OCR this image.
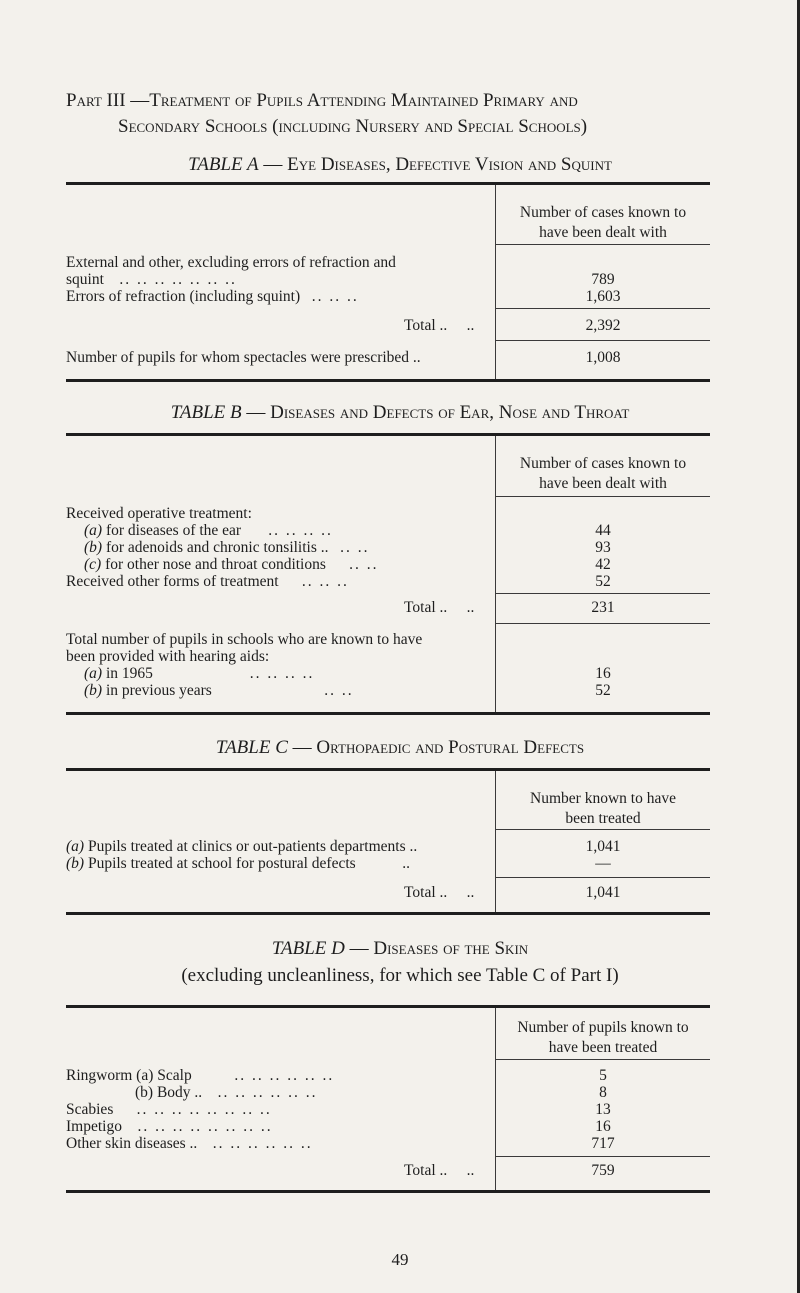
Part III —Treatment of Pupils Attending Maintained Primary and
Secondary Schools (including Nursery and Special Schools)
TABLE A — Eye Diseases, Defective Vision and Squint
Number of cases known to
have been dealt with
External and other, excluding errors of refraction and
squint .. .. .. .. .. .. ..	789
Errors of refraction (including squint) .. .. ..	1,603
Total .. ..	2,392
Number of pupils for whom spectacles were prescribed ..	1,008
TABLE B — Diseases and Defects of Ear, Nose and Throat
Number of cases known to
have been dealt with
Received operative treatment:
(a) for diseases of the ear .. .. .. ..	44
(b) for adenoids and chronic tonsilitis .. .. ..	93
(c) for other nose and throat conditions .. ..	42
Received other forms of treatment .. .. ..	52
Total .. ..	231
Total number of pupils in schools who are known to have
been provided with hearing aids:
(a) in 1965	.. .. .. ..	16
(b) in previous years	.. ..	52
TABLE C — Orthopaedic and Postural Defects
Number known to have
been treated
(a) Pupils treated at clinics or out-patients departments ..	1,041
(b) Pupils treated at school for postural defects	..	—
Total .. ..	1,041
TABLE D — Diseases of the Skin
(excluding uncleanliness, for which see Table C of Part I)
Number of pupils known to
have been treated
Ringworm (a) Scalp	.. .. .. .. .. ..	5
(b) Body .. .. .. .. .. .. ..	8
Scabies .. .. .. .. .. .. .. ..	13
Impetigo .. .. .. .. .. .. .. ..	16
Other skin diseases .. .. .. .. .. .. ..	717
Total .. ..	759
49
